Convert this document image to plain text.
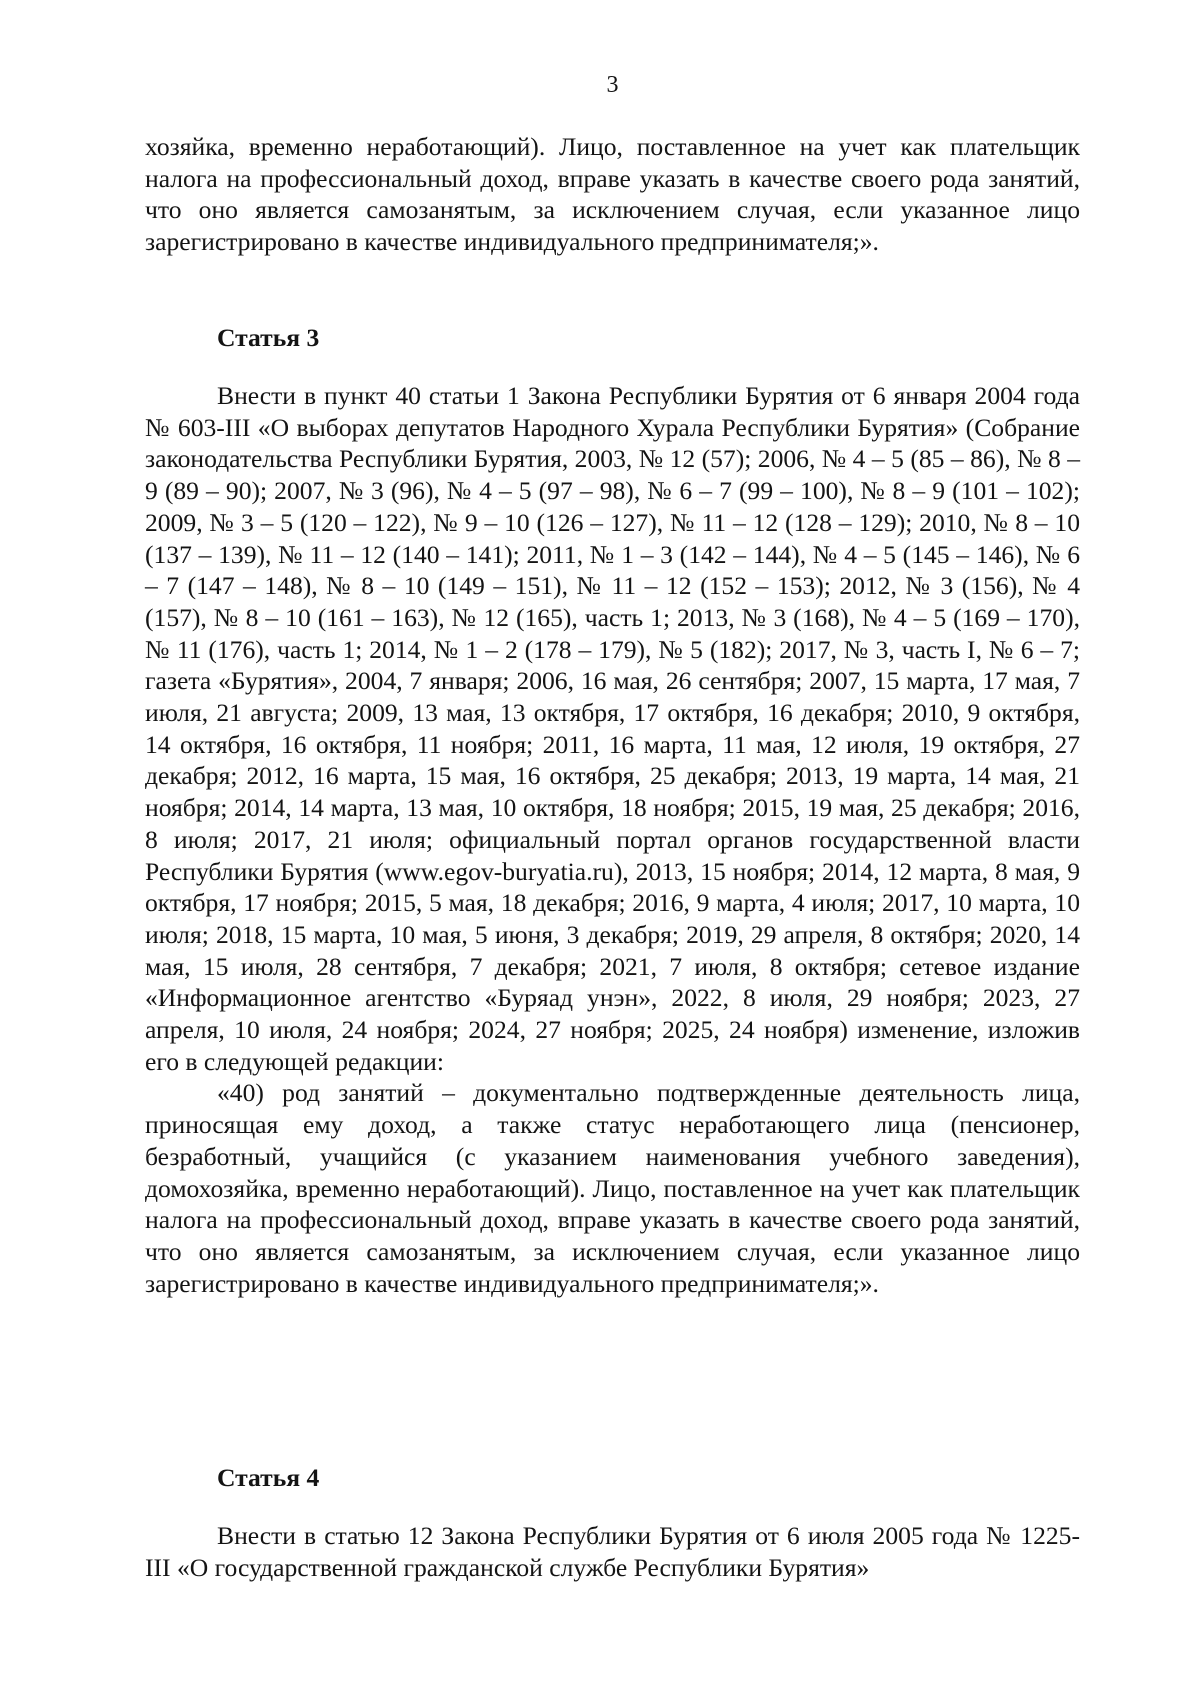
3

хозяйка, временно неработающий). Лицо, поставленное на учет как плательщик налога на профессиональный доход, вправе указать в качестве своего рода занятий, что оно является самозанятым, за исключением случая, если указанное лицо зарегистрировано в качестве индивидуального предпринимателя;».

Статья 3

Внести в пункт 40 статьи 1 Закона Республики Бурятия от 6 января 2004 года № 603-III «О выборах депутатов Народного Хурала Республики Бурятия» (Собрание законодательства Республики Бурятия, 2003, № 12 (57); 2006, № 4 – 5 (85 – 86), № 8 – 9 (89 – 90); 2007, № 3 (96), № 4 – 5 (97 – 98), № 6 – 7 (99 – 100), № 8 – 9 (101 – 102); 2009, № 3 – 5 (120 – 122), № 9 – 10 (126 – 127), № 11 – 12 (128 – 129); 2010, № 8 – 10 (137 – 139), № 11 – 12 (140 – 141); 2011, № 1 – 3 (142 – 144), № 4 – 5 (145 – 146), № 6 – 7 (147 – 148), № 8 – 10 (149 – 151), № 11 – 12 (152 – 153); 2012, № 3 (156), № 4 (157), № 8 – 10 (161 – 163), № 12 (165), часть 1; 2013, № 3 (168), № 4 – 5 (169 – 170), № 11 (176), часть 1; 2014, № 1 – 2 (178 – 179), № 5 (182); 2017, № 3, часть I, № 6 – 7; газета «Бурятия», 2004, 7 января; 2006, 16 мая, 26 сентября; 2007, 15 марта, 17 мая, 7 июля, 21 августа; 2009, 13 мая, 13 октября, 17 октября, 16 декабря; 2010, 9 октября, 14 октября, 16 октября, 11 ноября; 2011, 16 марта, 11 мая, 12 июля, 19 октября, 27 декабря; 2012, 16 марта, 15 мая, 16 октября, 25 декабря; 2013, 19 марта, 14 мая, 21 ноября; 2014, 14 марта, 13 мая, 10 октября, 18 ноября; 2015, 19 мая, 25 декабря; 2016, 8 июля; 2017, 21 июля; официальный портал органов государственной власти Республики Бурятия (www.egov-buryatia.ru), 2013, 15 ноября; 2014, 12 марта, 8 мая, 9 октября, 17 ноября; 2015, 5 мая, 18 декабря; 2016, 9 марта, 4 июля; 2017, 10 марта, 10 июля; 2018, 15 марта, 10 мая, 5 июня, 3 декабря; 2019, 29 апреля, 8 октября; 2020, 14 мая, 15 июля, 28 сентября, 7 декабря; 2021, 7 июля, 8 октября; сетевое издание «Информационное агентство «Буряад унэн», 2022, 8 июля, 29 ноября; 2023, 27 апреля, 10 июля, 24 ноября; 2024, 27 ноября; 2025, 24 ноября) изменение, изложив его в следующей редакции:

«40) род занятий – документально подтвержденные деятельность лица, приносящая ему доход, а также статус неработающего лица (пенсионер, безработный, учащийся (с указанием наименования учебного заведения), домохозяйка, временно неработающий). Лицо, поставленное на учет как плательщик налога на профессиональный доход, вправе указать в качестве своего рода занятий, что оно является самозанятым, за исключением случая, если указанное лицо зарегистрировано в качестве индивидуального предпринимателя;».

Статья 4

Внести в статью 12 Закона Республики Бурятия от 6 июля 2005 года № 1225-III «О государственной гражданской службе Республики Бурятия»
